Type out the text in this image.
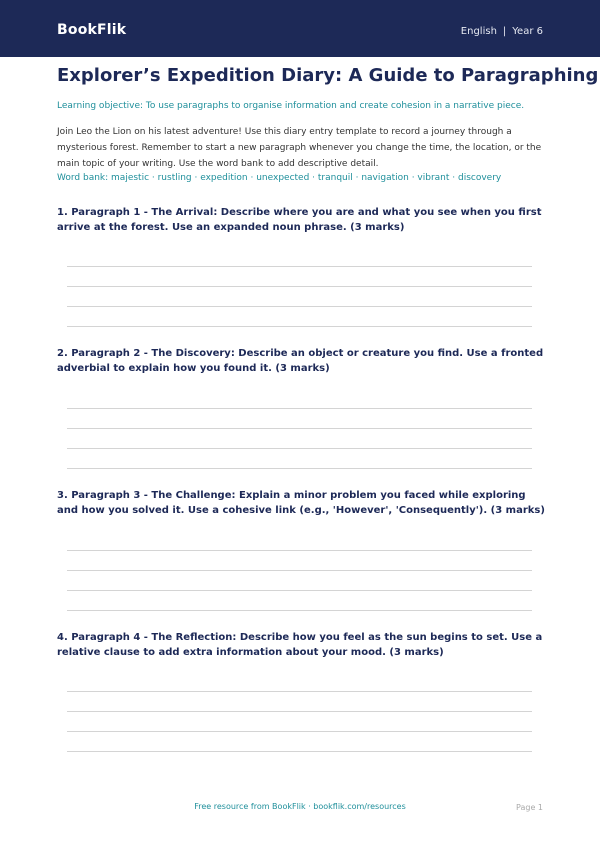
BookFlik	English | Year 6
Explorer’s Expedition Diary: A Guide to Paragraphing
Learning objective: To use paragraphs to organise information and create cohesion in a narrative piece.
Join Leo the Lion on his latest adventure! Use this diary entry template to record a journey through a mysterious forest. Remember to start a new paragraph whenever you change the time, the location, or the main topic of your writing. Use the word bank to add descriptive detail.
Word bank: majestic · rustling · expedition · unexpected · tranquil · navigation · vibrant · discovery
1. Paragraph 1 - The Arrival: Describe where you are and what you see when you first arrive at the forest. Use an expanded noun phrase. (3 marks)
2. Paragraph 2 - The Discovery: Describe an object or creature you find. Use a fronted adverbial to explain how you found it. (3 marks)
3. Paragraph 3 - The Challenge: Explain a minor problem you faced while exploring and how you solved it. Use a cohesive link (e.g., 'However', 'Consequently'). (3 marks)
4. Paragraph 4 - The Reflection: Describe how you feel as the sun begins to set. Use a relative clause to add extra information about your mood. (3 marks)
Free resource from BookFlik · bookflik.com/resources	Page 1
